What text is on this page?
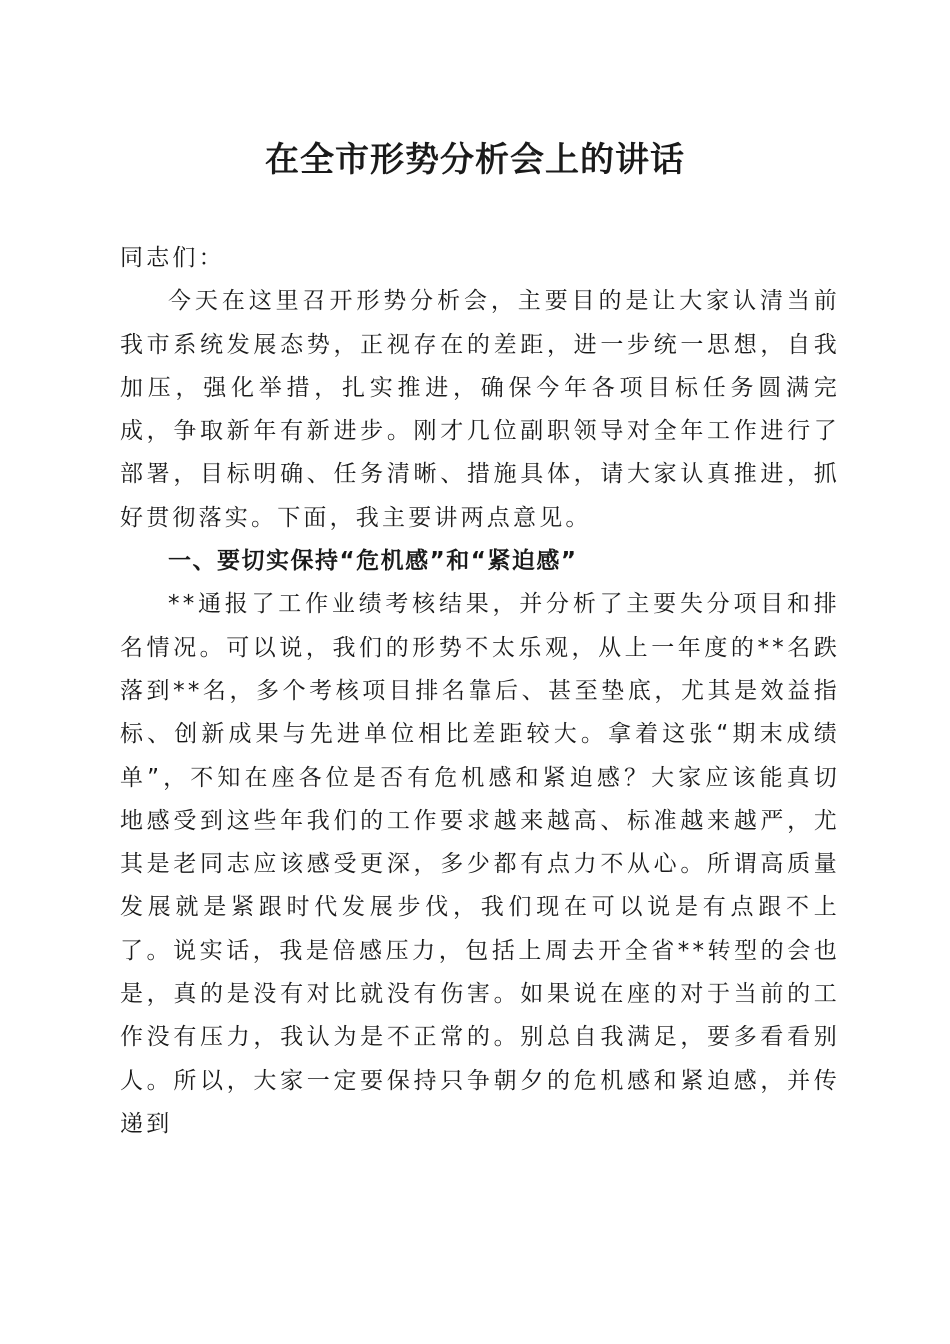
在全市形势分析会上的讲话

同志们：

今天在这里召开形势分析会，主要目的是让大家认清当前我市系统发展态势，正视存在的差距，进一步统一思想，自我加压，强化举措，扎实推进，确保今年各项目标任务圆满完成，争取新年有新进步。刚才几位副职领导对全年工作进行了部署，目标明确、任务清晰、措施具体，请大家认真推进，抓好贯彻落实。下面，我主要讲两点意见。

一、要切实保持“危机感”和“紧迫感”

**通报了工作业绩考核结果，并分析了主要失分项目和排名情况。可以说，我们的形势不太乐观，从上一年度的**名跌落到**名，多个考核项目排名靠后、甚至垫底，尤其是效益指标、创新成果与先进单位相比差距较大。拿着这张“期末成绩单”，不知在座各位是否有危机感和紧迫感？大家应该能真切地感受到这些年我们的工作要求越来越高、标准越来越严，尤其是老同志应该感受更深，多少都有点力不从心。所谓高质量发展就是紧跟时代发展步伐，我们现在可以说是有点跟不上了。说实话，我是倍感压力，包括上周去开全省**转型的会也是，真的是没有对比就没有伤害。如果说在座的对于当前的工作没有压力，我认为是不正常的。别总自我满足，要多看看别人。所以，大家一定要保持只争朝夕的危机感和紧迫感，并传递到
